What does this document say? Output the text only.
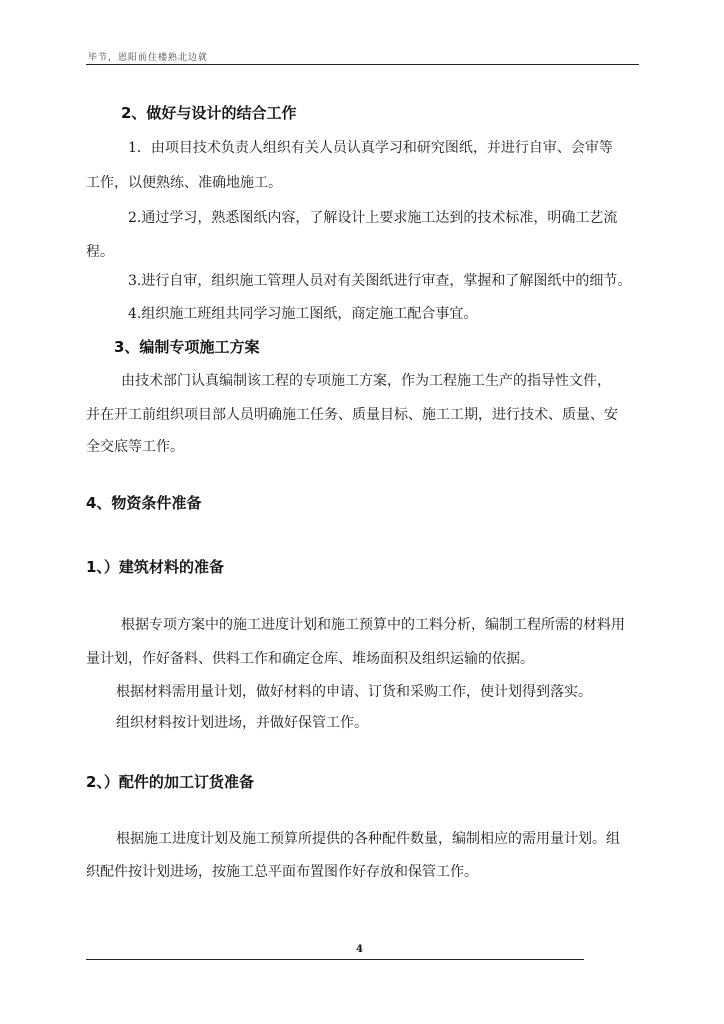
毕节，恩阳前住楼熟北边就
2、做好与设计的结合工作
1．由项目技术负责人组织有关人员认真学习和研究图纸，并进行自审、会审等
工作，以便熟练、准确地施工。
2.通过学习，熟悉图纸内容，了解设计上要求施工达到的技术标准，明确工艺流
程。
3.进行自审，组织施工管理人员对有关图纸进行审查，掌握和了解图纸中的细节。
4.组织施工班组共同学习施工图纸，商定施工配合事宜。
3、编制专项施工方案
由技术部门认真编制该工程的专项施工方案，作为工程施工生产的指导性文件，
并在开工前组织项目部人员明确施工任务、质量目标、施工工期，进行技术、质量、安
全交底等工作。
4、物资条件准备
1、）建筑材料的准备
根据专项方案中的施工进度计划和施工预算中的工料分析，编制工程所需的材料用
量计划，作好备料、供料工作和确定仓库、堆场面积及组织运输的依据。
根据材料需用量计划，做好材料的申请、订货和采购工作，使计划得到落实。
组织材料按计划进场，并做好保管工作。
2、）配件的加工订货准备
根据施工进度计划及施工预算所提供的各种配件数量，编制相应的需用量计划。组
织配件按计划进场，按施工总平面布置图作好存放和保管工作。
4
